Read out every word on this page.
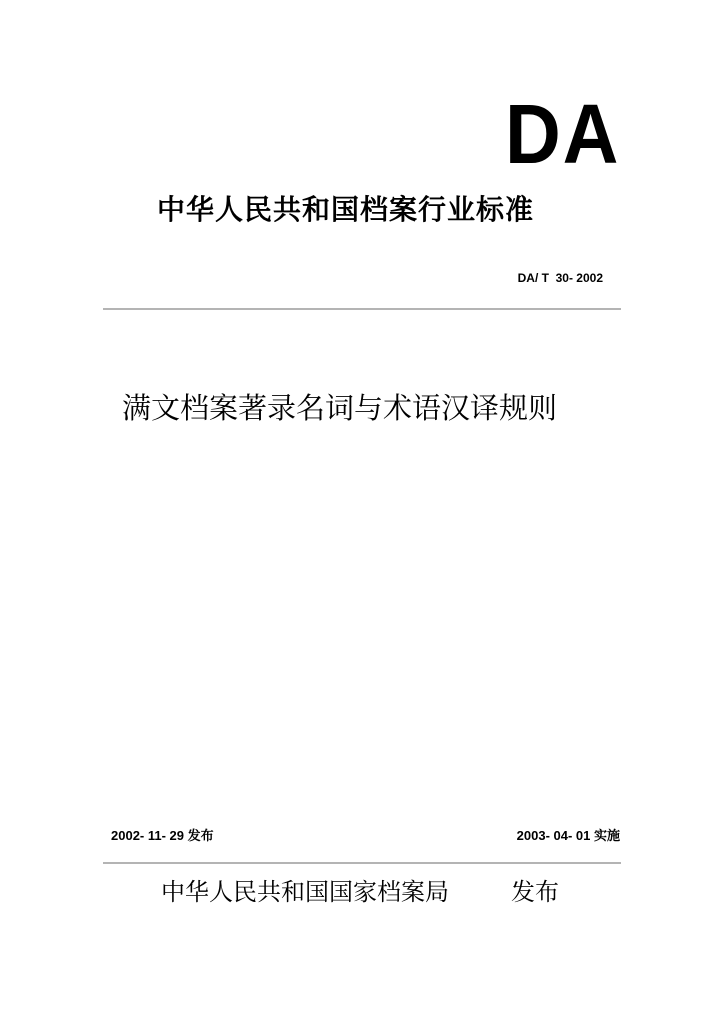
DA
中华人民共和国档案行业标准
DA/ T  30- 2002
满文档案著录名词与术语汉译规则
2002- 11- 29 发布	2003- 04- 01 实施
中华人民共和国国家档案局	发布
